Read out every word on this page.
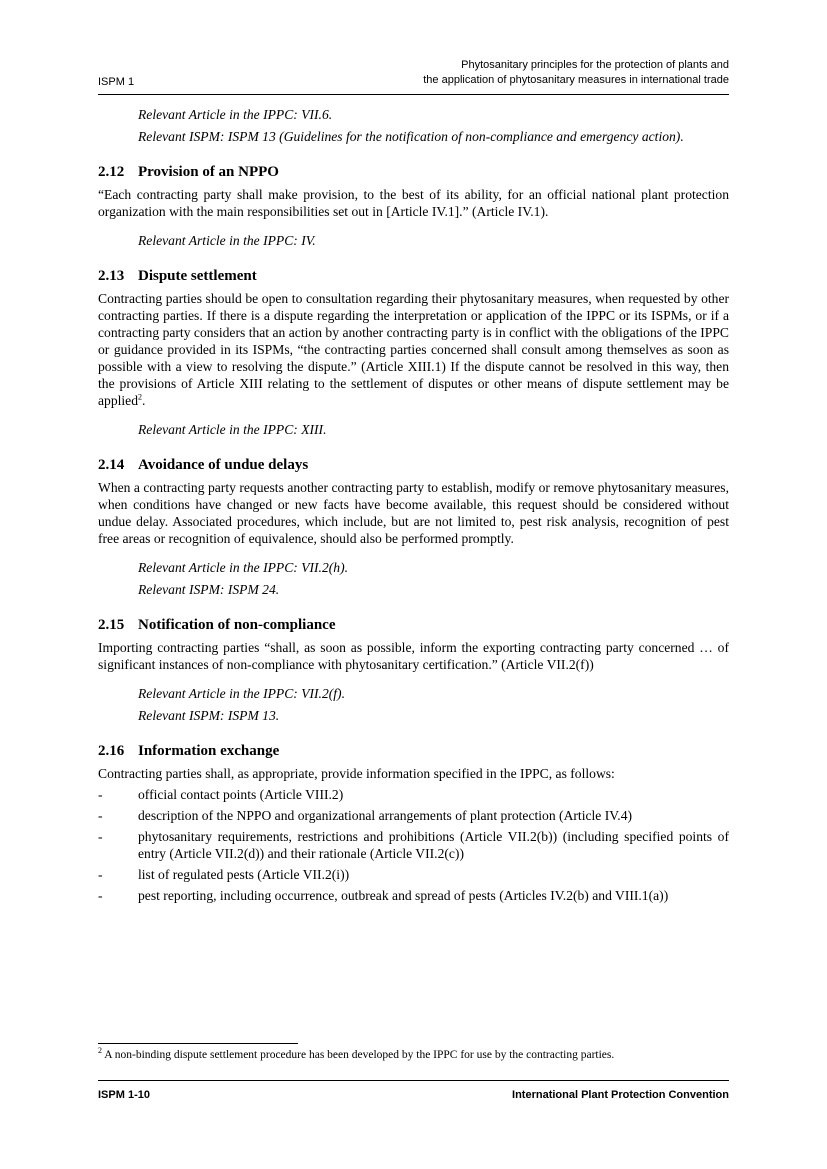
ISPM 1
Phytosanitary principles for the protection of plants and
the application of phytosanitary measures in international trade

Relevant Article in the IPPC: VII.6.

Relevant ISPM: ISPM 13 (Guidelines for the notification of non-compliance and emergency action).

2.12 Provision of an NPPO

“Each contracting party shall make provision, to the best of its ability, for an official national plant protection organization with the main responsibilities set out in [Article IV.1].” (Article IV.1).

Relevant Article in the IPPC: IV.

2.13 Dispute settlement

Contracting parties should be open to consultation regarding their phytosanitary measures, when requested by other contracting parties. If there is a dispute regarding the interpretation or application of the IPPC or its ISPMs, or if a contracting party considers that an action by another contracting party is in conflict with the obligations of the IPPC or guidance provided in its ISPMs, “the contracting parties concerned shall consult among themselves as soon as possible with a view to resolving the dispute.” (Article XIII.1) If the dispute cannot be resolved in this way, then the provisions of Article XIII relating to the settlement of disputes or other means of dispute settlement may be applied$^2$.

Relevant Article in the IPPC: XIII.

2.14 Avoidance of undue delays

When a contracting party requests another contracting party to establish, modify or remove phytosanitary measures, when conditions have changed or new facts have become available, this request should be considered without undue delay. Associated procedures, which include, but are not limited to, pest risk analysis, recognition of pest free areas or recognition of equivalence, should also be performed promptly.

Relevant Article in the IPPC: VII.2(h).

Relevant ISPM: ISPM 24.

2.15 Notification of non-compliance

Importing contracting parties “shall, as soon as possible, inform the exporting contracting party concerned … of significant instances of non-compliance with phytosanitary certification.” (Article VII.2(f))

Relevant Article in the IPPC: VII.2(f).

Relevant ISPM: ISPM 13.

2.16 Information exchange

Contracting parties shall, as appropriate, provide information specified in the IPPC, as follows:

-	official contact points (Article VIII.2)
-	description of the NPPO and organizational arrangements of plant protection (Article IV.4)
-	phytosanitary requirements, restrictions and prohibitions (Article VII.2(b)) (including specified points of entry (Article VII.2(d)) and their rationale (Article VII.2(c))
-	list of regulated pests (Article VII.2(i))
-	pest reporting, including occurrence, outbreak and spread of pests (Articles IV.2(b) and VIII.1(a))
$^2$ A non-binding dispute settlement procedure has been developed by the IPPC for use by the contracting parties.
ISPM 1-10	International Plant Protection Convention
